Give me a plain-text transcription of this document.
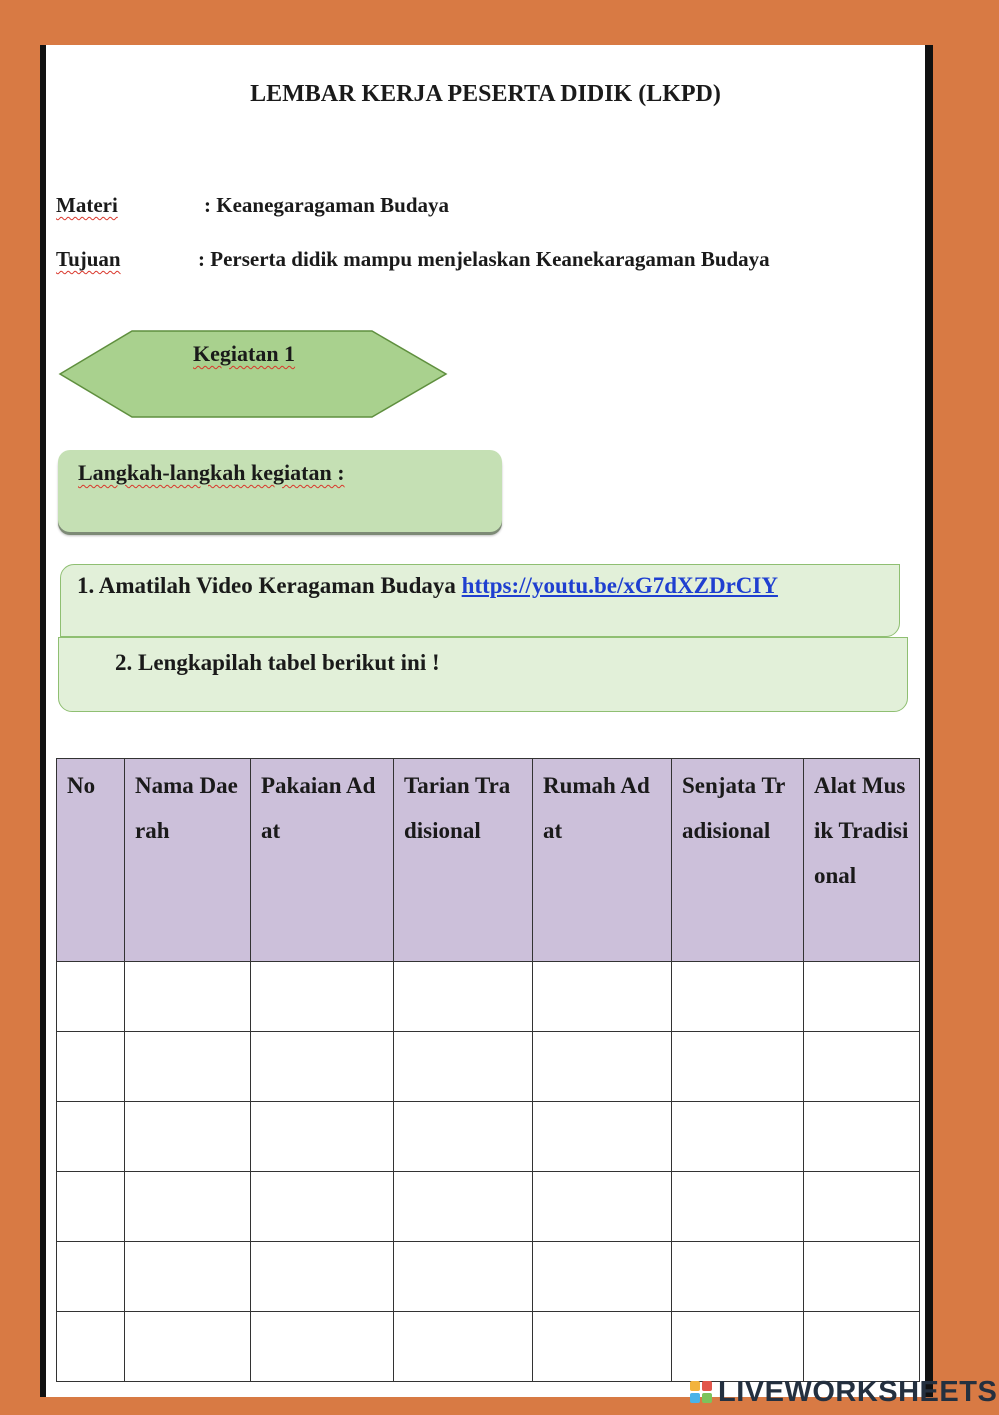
LEMBAR KERJA PESERTA DIDIK (LKPD)
Materi	: Keanegaragaman Budaya
Tujuan	: Perserta didik mampu menjelaskan Keanekaragaman Budaya
Kegiatan 1
Langkah-langkah kegiatan :
1. Amatilah Video Keragaman Budaya https://youtu.be/xG7dXZDrCIY
2. Lengkapilah tabel berikut ini !
No	Nama Daerah	Pakaian Adat	Tarian Tradisional	Rumah Adat	Senjata Tradisional	Alat Musik Tradisional

LIVEWORKSHEETS
